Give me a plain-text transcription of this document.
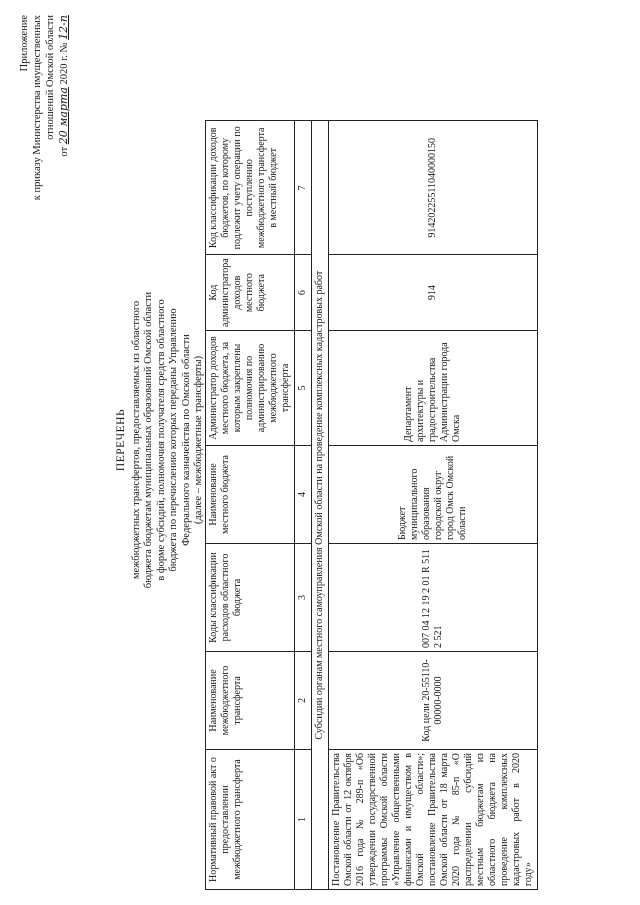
Приложение к приказу Министерства имущественных отношений Омской области
от 20 марта 2020 г. № 12-п
ПЕРЕЧЕНЬ межбюджетных трансфертов, предоставляемых из областного бюджета бюджетам муниципальных образований Омской области в форме субсидий, полномочия получателя средств областного бюджета по перечислению которых переданы Управлению Федерального казначейства по Омской области (далее – межбюджетные трансферты)
Нормативный правовой акт о предоставлении межбюджетного трансферта	Наименование межбюджетного трансферта	Коды классификации расходов областного бюджета	Наименование местного бюджета	Администратор доходов местного бюджета, за которым закреплены полномочия по администрированию межбюджетного трансферта	Код администратора доходов местного бюджета	Код классификации доходов бюджетов, по которому подлежит учету операции по поступлению межбюджетного трансферта в местный бюджет
1	2	3	4	5	6	7
Субсидии органам местного самоуправления Омской области на проведение комплексных кадастровых работ						
Постановление Правительства Омской области от 12 октября 2016 года № 289-п «Об утверждении государственной программы Омской области «Управление общественными финансами и имуществом в Омской области»; постановление Правительства Омской области от 18 марта 2020 года № 85-п «О распределении субсидий местным бюджетам из областного бюджета на проведение комплексных кадастровых работ в 2020 году»	Код цели 20-55110-00000-0000	007 04 12 19 2 01 R 511 2 521	Бюджет муниципального образования городской округ город Омск Омской области	Департамент архитектуры и градостроительства Администрации города Омска	914	91420225511040000150
